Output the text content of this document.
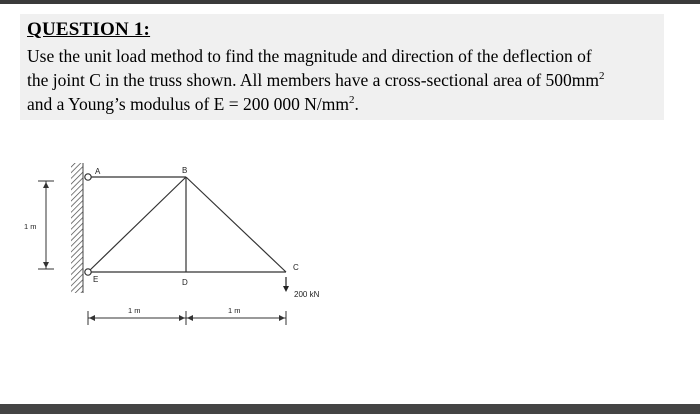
QUESTION 1:

Use the unit load method to find the magnitude and direction of the deflection of
the joint C in the truss shown. All members have a cross-sectional area of $500mm^2$
and a Young’s modulus of E = 200 000 $N/mm^2$.

A	B
C
D
E
200 kN
1 m
1 m	1 m
